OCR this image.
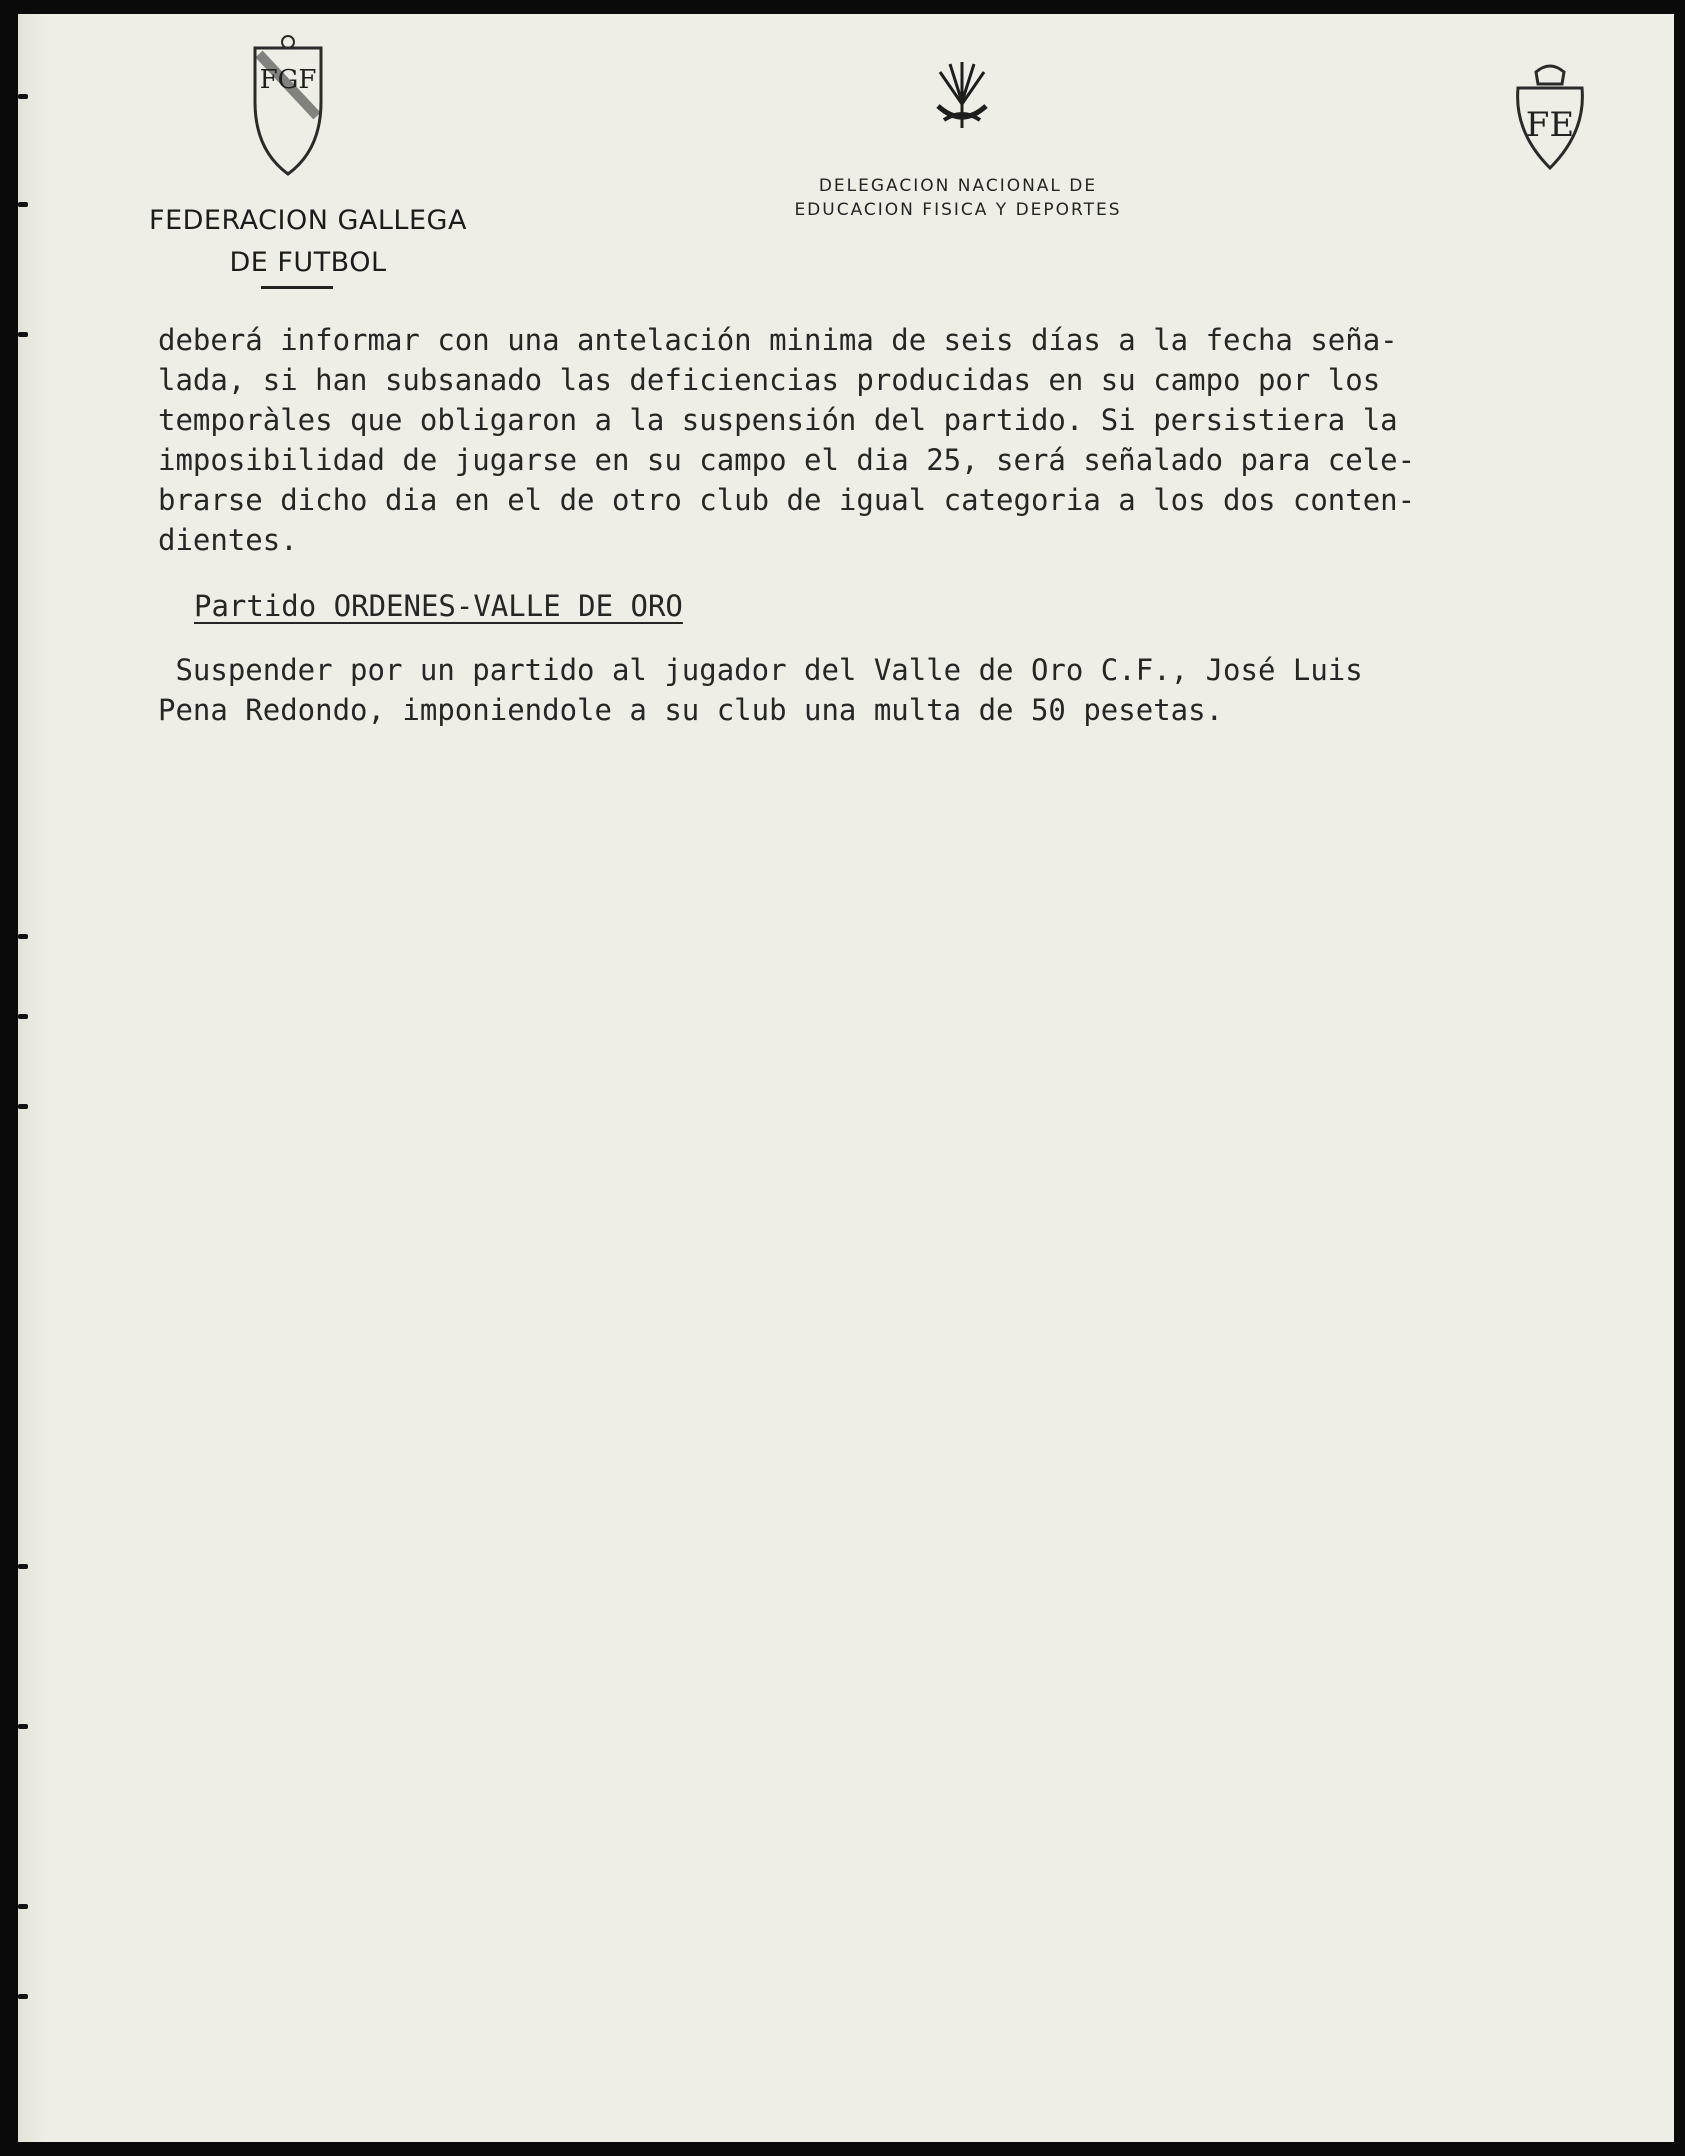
FGF
FE
FEDERACION GALLEGA
DE FUTBOL
DELEGACION NACIONAL DE
EDUCACION FISICA Y DEPORTES
deberá informar con una antelación minima de seis días a la fecha seña-
lada, si han subsanado las deficiencias producidas en su campo por los
temporàles que obligaron a la suspensión del partido. Si persistiera la
imposibilidad de jugarse en su campo el dia 25, será señalado para cele-
brarse dicho dia en el de otro club de igual categoria a los dos conten-
dientes.
Partido ORDENES-VALLE DE ORO
Suspender por un partido al jugador del Valle de Oro C.F., José Luis
Pena Redondo, imponiendole a su club una multa de 50 pesetas.
